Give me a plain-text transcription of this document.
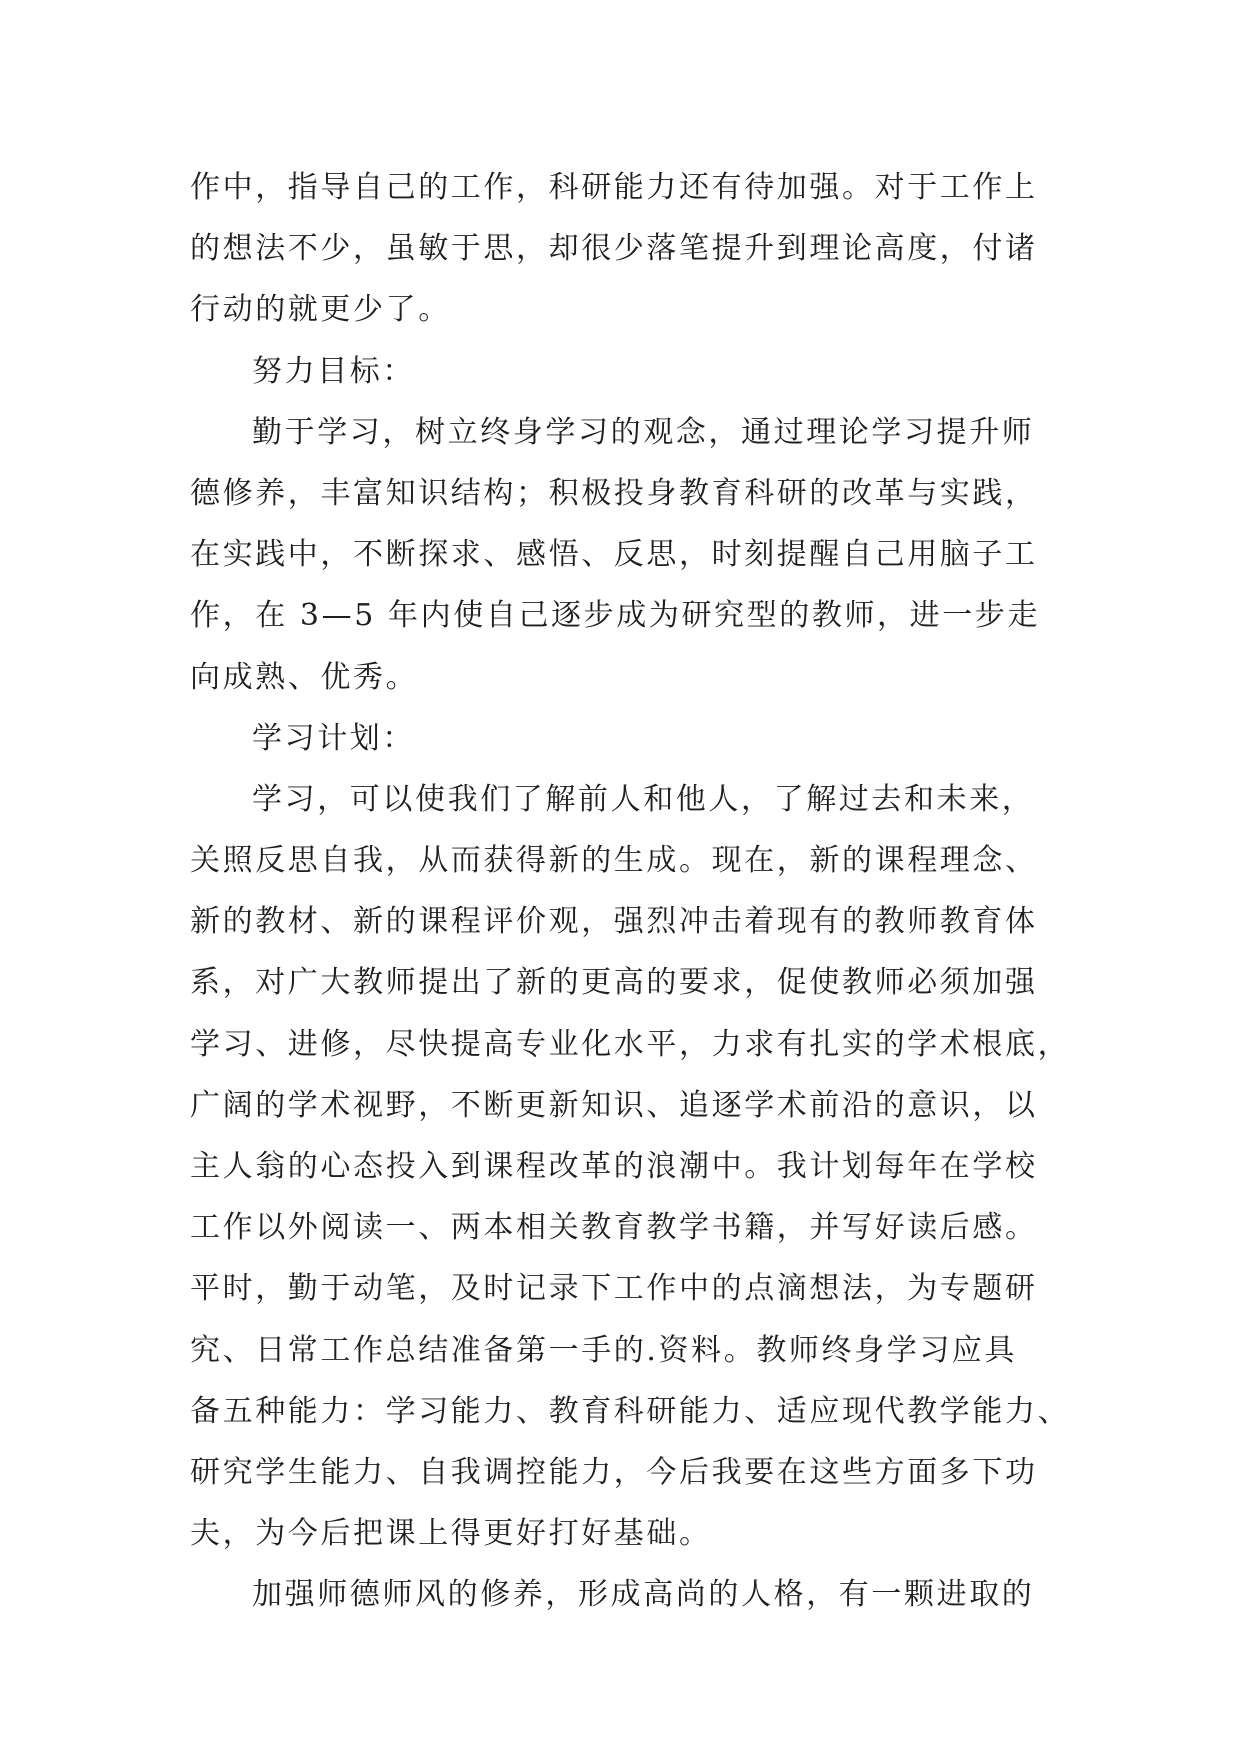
作中，指导自己的工作，科研能力还有待加强。对于工作上
的想法不少，虽敏于思，却很少落笔提升到理论高度，付诸
行动的就更少了。
努力目标：
勤于学习，树立终身学习的观念，通过理论学习提升师
德修养，丰富知识结构；积极投身教育科研的改革与实践，
在实践中，不断探求、感悟、反思，时刻提醒自己用脑子工
作，在 3—5 年内使自己逐步成为研究型的教师，进一步走
向成熟、优秀。
学习计划：
学习，可以使我们了解前人和他人，了解过去和未来，
关照反思自我，从而获得新的生成。现在，新的课程理念、
新的教材、新的课程评价观，强烈冲击着现有的教师教育体
系，对广大教师提出了新的更高的要求，促使教师必须加强
学习、进修，尽快提高专业化水平，力求有扎实的学术根底，
广阔的学术视野，不断更新知识、追逐学术前沿的意识，以
主人翁的心态投入到课程改革的浪潮中。我计划每年在学校
工作以外阅读一、两本相关教育教学书籍，并写好读后感。
平时，勤于动笔，及时记录下工作中的点滴想法，为专题研
究、日常工作总结准备第一手的.资料。教师终身学习应具
备五种能力：学习能力、教育科研能力、适应现代教学能力、
研究学生能力、自我调控能力，今后我要在这些方面多下功
夫，为今后把课上得更好打好基础。
加强师德师风的修养，形成高尚的人格，有一颗进取的
